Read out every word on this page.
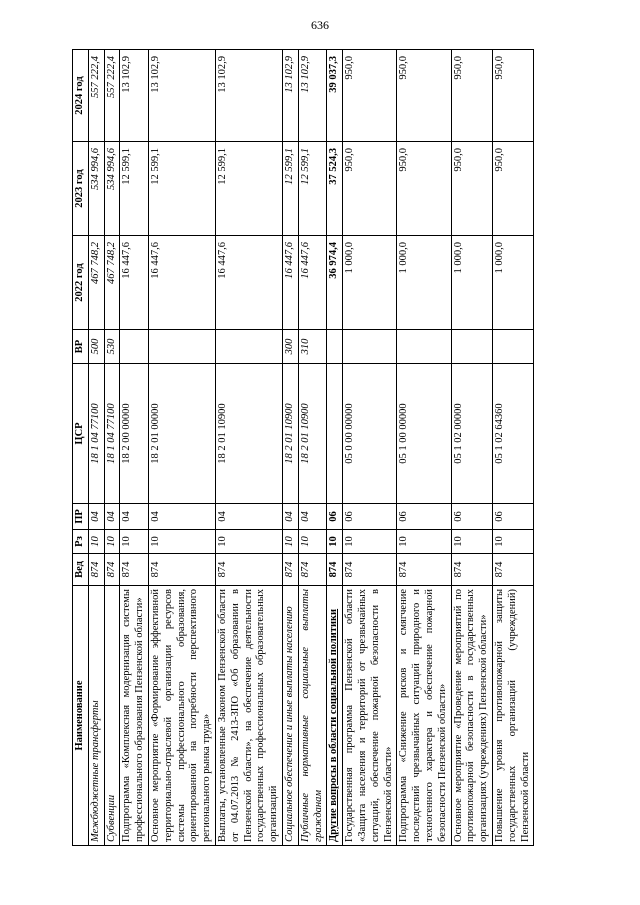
636
Наименование	Вед	Рз	ПР	ЦСР	ВР	2022 год	2023 год	2024 год
Межбюджетные трансферты	874	10	04	18 1 04 77100	500	467 748,2	534 994,6	557 222,4
Субвенции	874	10	04	18 1 04 77100	530	467 748,2	534 994,6	557 222,4
Подпрограмма «Комплексная модернизация системы профессионального образования Пензенской области»	874	10	04	18 2 00 00000		16 447,6	12 599,1	13 102,9
Основное мероприятие «Формирование эффективной территориально-отраслевой организации ресурсов системы профессионального образования, ориентированной на потребности перспективного регионального рынка труда»	874	10	04	18 2 01 00000		16 447,6	12 599,1	13 102,9
Выплаты, установленные Законом Пензенской области от 04.07.2013 № 2413-ЗПО «Об образовании в Пензенской области», на обеспечение деятельности государственных профессиональных образовательных организаций	874	10	04	18 2 01 10900		16 447,6	12 599,1	13 102,9
Социальное обеспечение и иные выплаты населению	874	10	04	18 2 01 10900	300	16 447,6	12 599,1	13 102,9
Публичные нормативные социальные выплаты гражданам	874	10	04	18 2 01 10900	310	16 447,6	12 599,1	13 102,9
Другие вопросы в области социальной политики	874	10	06			36 974,4	37 524,3	39 037,3
Государственная программа Пензенской области «Защита населения и территорий от чрезвычайных ситуаций, обеспечение пожарной безопасности в Пензенской области»	874	10	06	05 0 00 00000		1 000,0	950,0	950,0
Подпрограмма «Снижение рисков и смягчение последствий чрезвычайных ситуаций природного и техногенного характера и обеспечение пожарной безопасности Пензенской области»	874	10	06	05 1 00 00000		1 000,0	950,0	950,0
Основное мероприятие «Проведение мероприятий по противопожарной безопасности в государственных организациях (учреждениях) Пензенской области»	874	10	06	05 1 02 00000		1 000,0	950,0	950,0
Повышение уровня противопожарной защиты государственных организаций (учреждений) Пензенской области	874	10	06	05 1 02 64360		1 000,0	950,0	950,0
